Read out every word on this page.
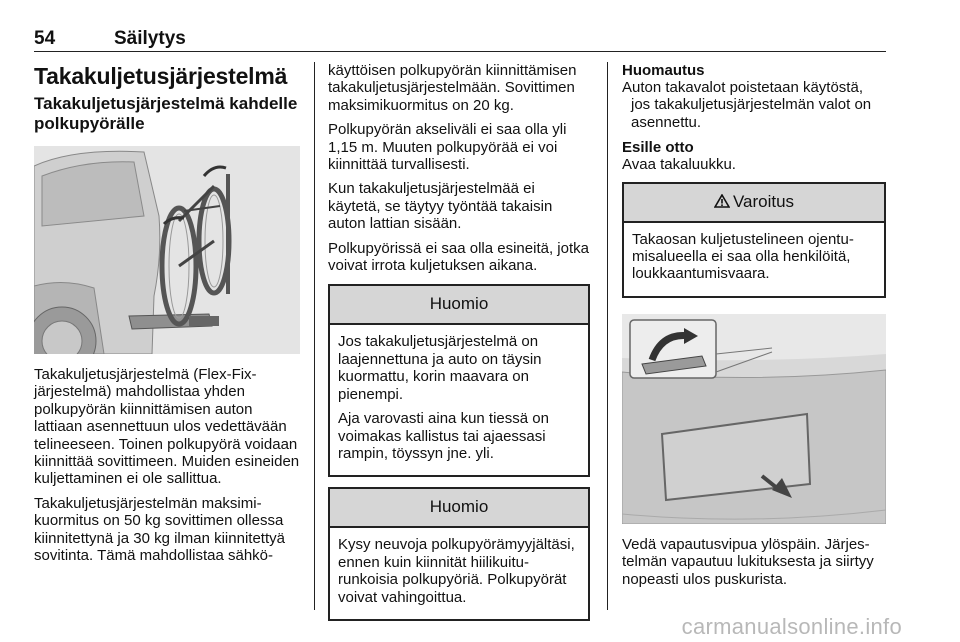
54	Säilytys
Takakuljetusjärjestelmä
Takakuljetusjärjestelmä kahdelle polkupyörälle

Takakuljetusjärjestelmä (Flex-Fix-järjestelmä) mahdollistaa yhden polkupyörän kiinnittämisen auton lattiaan asennettuun ulos vedettävään telineeseen. Toinen polkupyörä voidaan kiinnittää sovittimeen. Muiden esineiden kuljettaminen ei ole sallittua.

Takakuljetusjärjestelmän maksimikuormitus on 50 kg sovittimen ollessa kiinnitettynä ja 30 kg ilman kiinnitettyä sovitinta. Tämä mahdollistaa sähkö-

käyttöisen polkupyörän kiinnittämisen takakuljetusjärjestelmään. Sovittimen maksimikuormitus on 20 kg.

Polkupyörän akseliväli ei saa olla yli 1,15 m. Muuten polkupyörää ei voi kiinnittää turvallisesti.

Kun takakuljetusjärjestelmää ei käytetä, se täytyy työntää takaisin auton lattian sisään.

Polkupyörissä ei saa olla esineitä, jotka voivat irrota kuljetuksen aikana.

Huomio

Jos takakuljetusjärjestelmä on laajennettuna ja auto on täysin kuormattu, korin maavara on pienempi.

Aja varovasti aina kun tiessä on voimakas kallistus tai ajaessasi rampin, töyssyn jne. yli.

Huomio

Kysy neuvoja polkupyörämyyjältäsi, ennen kuin kiinnität hiilikuiturunkoisia polkupyöriä. Polkupyörät voivat vahingoittua.

Huomautus
Auton takavalot poistetaan käytöstä, jos takakuljetusjärjestelmän valot on asennettu.
Esille otto

Avaa takaluukku.

Varoitus

Takaosan kuljetustelineen ojentumisalueella ei saa olla henkilöitä, loukkaantumisvaara.

Vedä vapautusvipua ylöspäin. Järjestelmän vapautuu lukituksesta ja siirtyy nopeasti ulos puskurista.

carmanualsonline.info
